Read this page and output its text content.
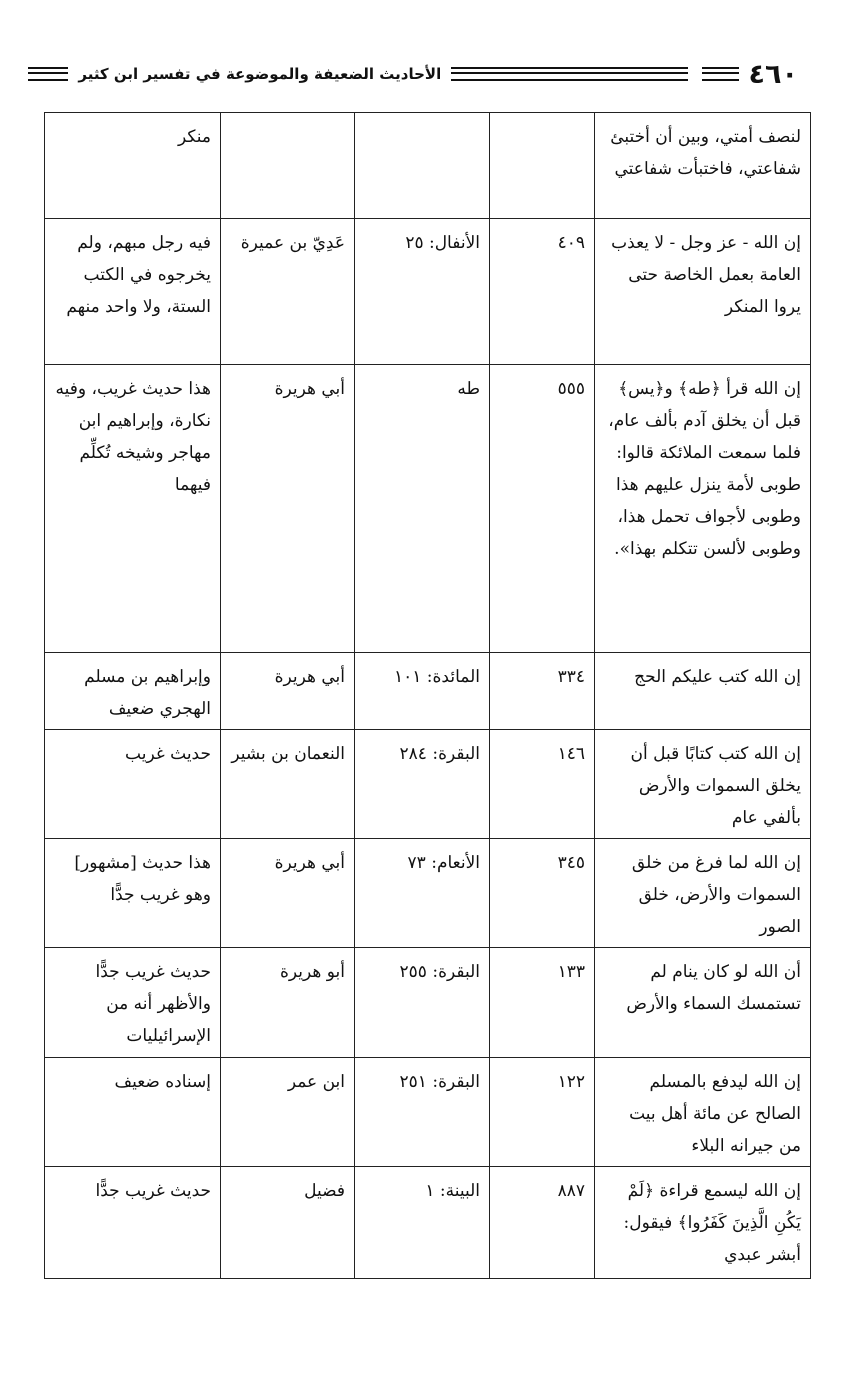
٤٦٠
الأحاديث الضعيفة والموضوعة في تفسير ابن كثير
لنصف أمتي، وبين أن أختبئ شفاعتي، فاختبأت شفاعتي				منكر
إن الله - عز وجل - لا يعذب العامة بعمل الخاصة حتى يروا المنكر	٤٠٩	الأنفال: ٢٥	عَدِيّ بن عميرة	فيه رجل مبهم، ولم يخرجوه في الكتب الستة، ولا واحد منهم
إن الله قرأ ﴿طه﴾ و﴿يس﴾ قبل أن يخلق آدم بألف عام، فلما سمعت الملائكة قالوا: طوبى لأمة ينزل عليهم هذا وطوبى لأجواف تحمل هذا، وطوبى لألسن تتكلم بهذا».	٥٥٥	طه	أبي هريرة	هذا حديث غريب، وفيه نكارة، وإبراهيم ابن مهاجر وشيخه تُكلِّم فيهما
إن الله كتب عليكم الحج	٣٣٤	المائدة: ١٠١	أبي هريرة	وإبراهيم بن مسلم الهجري ضعيف
إن الله كتب كتابًا قبل أن يخلق السموات والأرض بألفي عام	١٤٦	البقرة: ٢٨٤	النعمان بن بشير	حديث غريب
إن الله لما فرغ من خلق السموات والأرض، خلق الصور	٣٤٥	الأنعام: ٧٣	أبي هريرة	هذا حديث [مشهور] وهو غريب جدًّا
أن الله لو كان ينام لم تستمسك السماء والأرض	١٣٣	البقرة: ٢٥٥	أبو هريرة	حديث غريب جدًّا والأظهر أنه من الإسرائيليات
إن الله ليدفع بالمسلم الصالح عن مائة أهل بيت من جيرانه البلاء	١٢٢	البقرة: ٢٥١	ابن عمر	إسناده ضعيف
إن الله ليسمع قراءة ﴿لَمْ يَكُنِ الَّذِينَ كَفَرُوا﴾ فيقول: أبشر عبدي	٨٨٧	البينة: ١	فضيل	حديث غريب جدًّا
